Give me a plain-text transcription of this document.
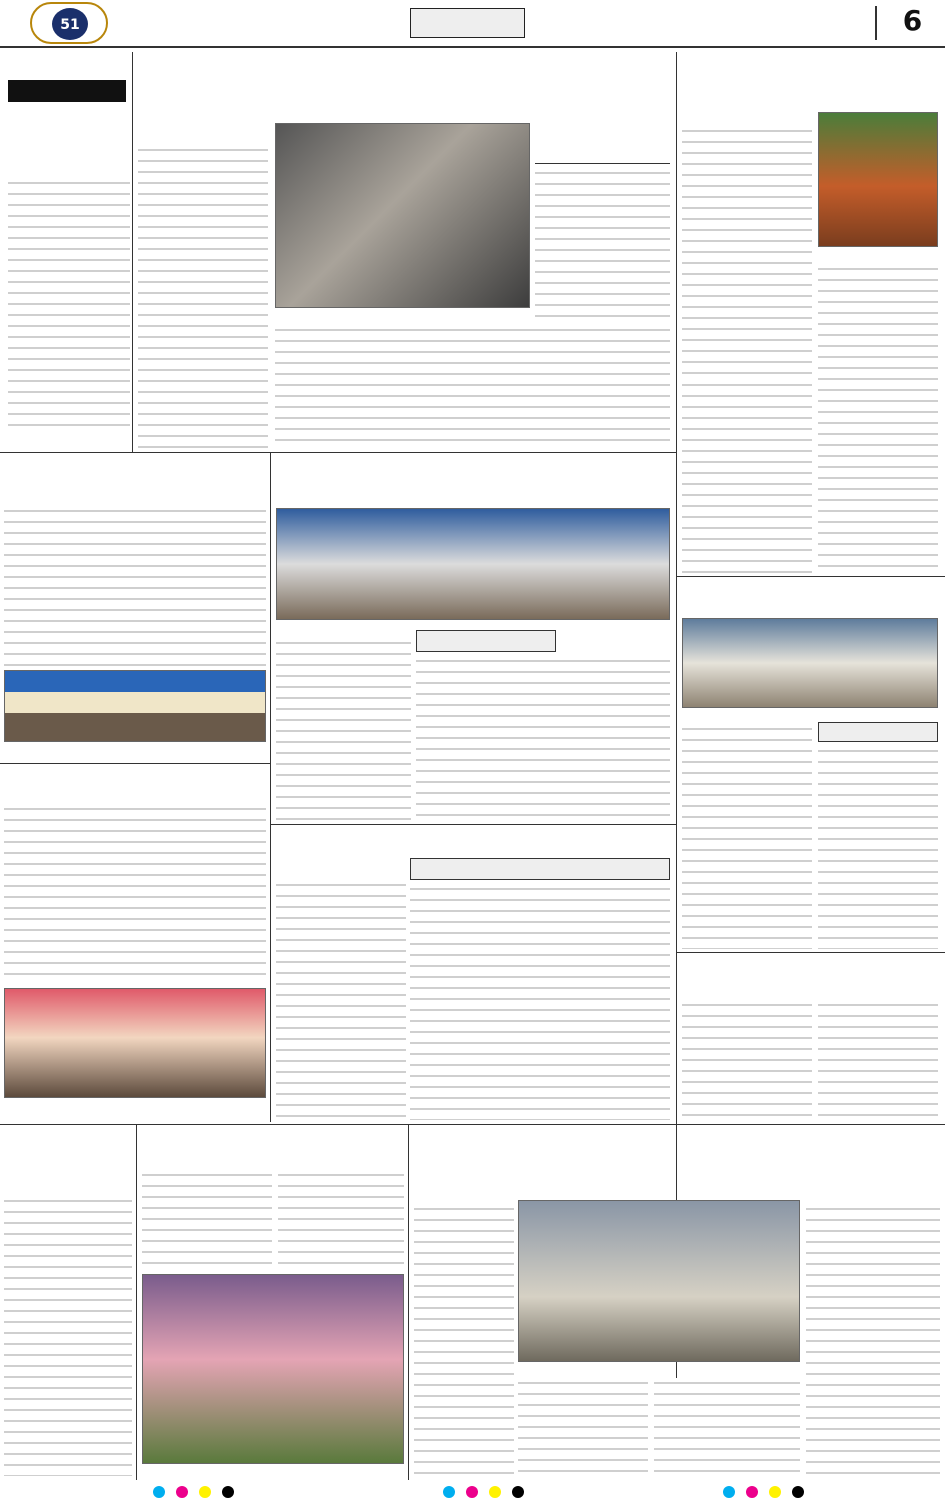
51	6
